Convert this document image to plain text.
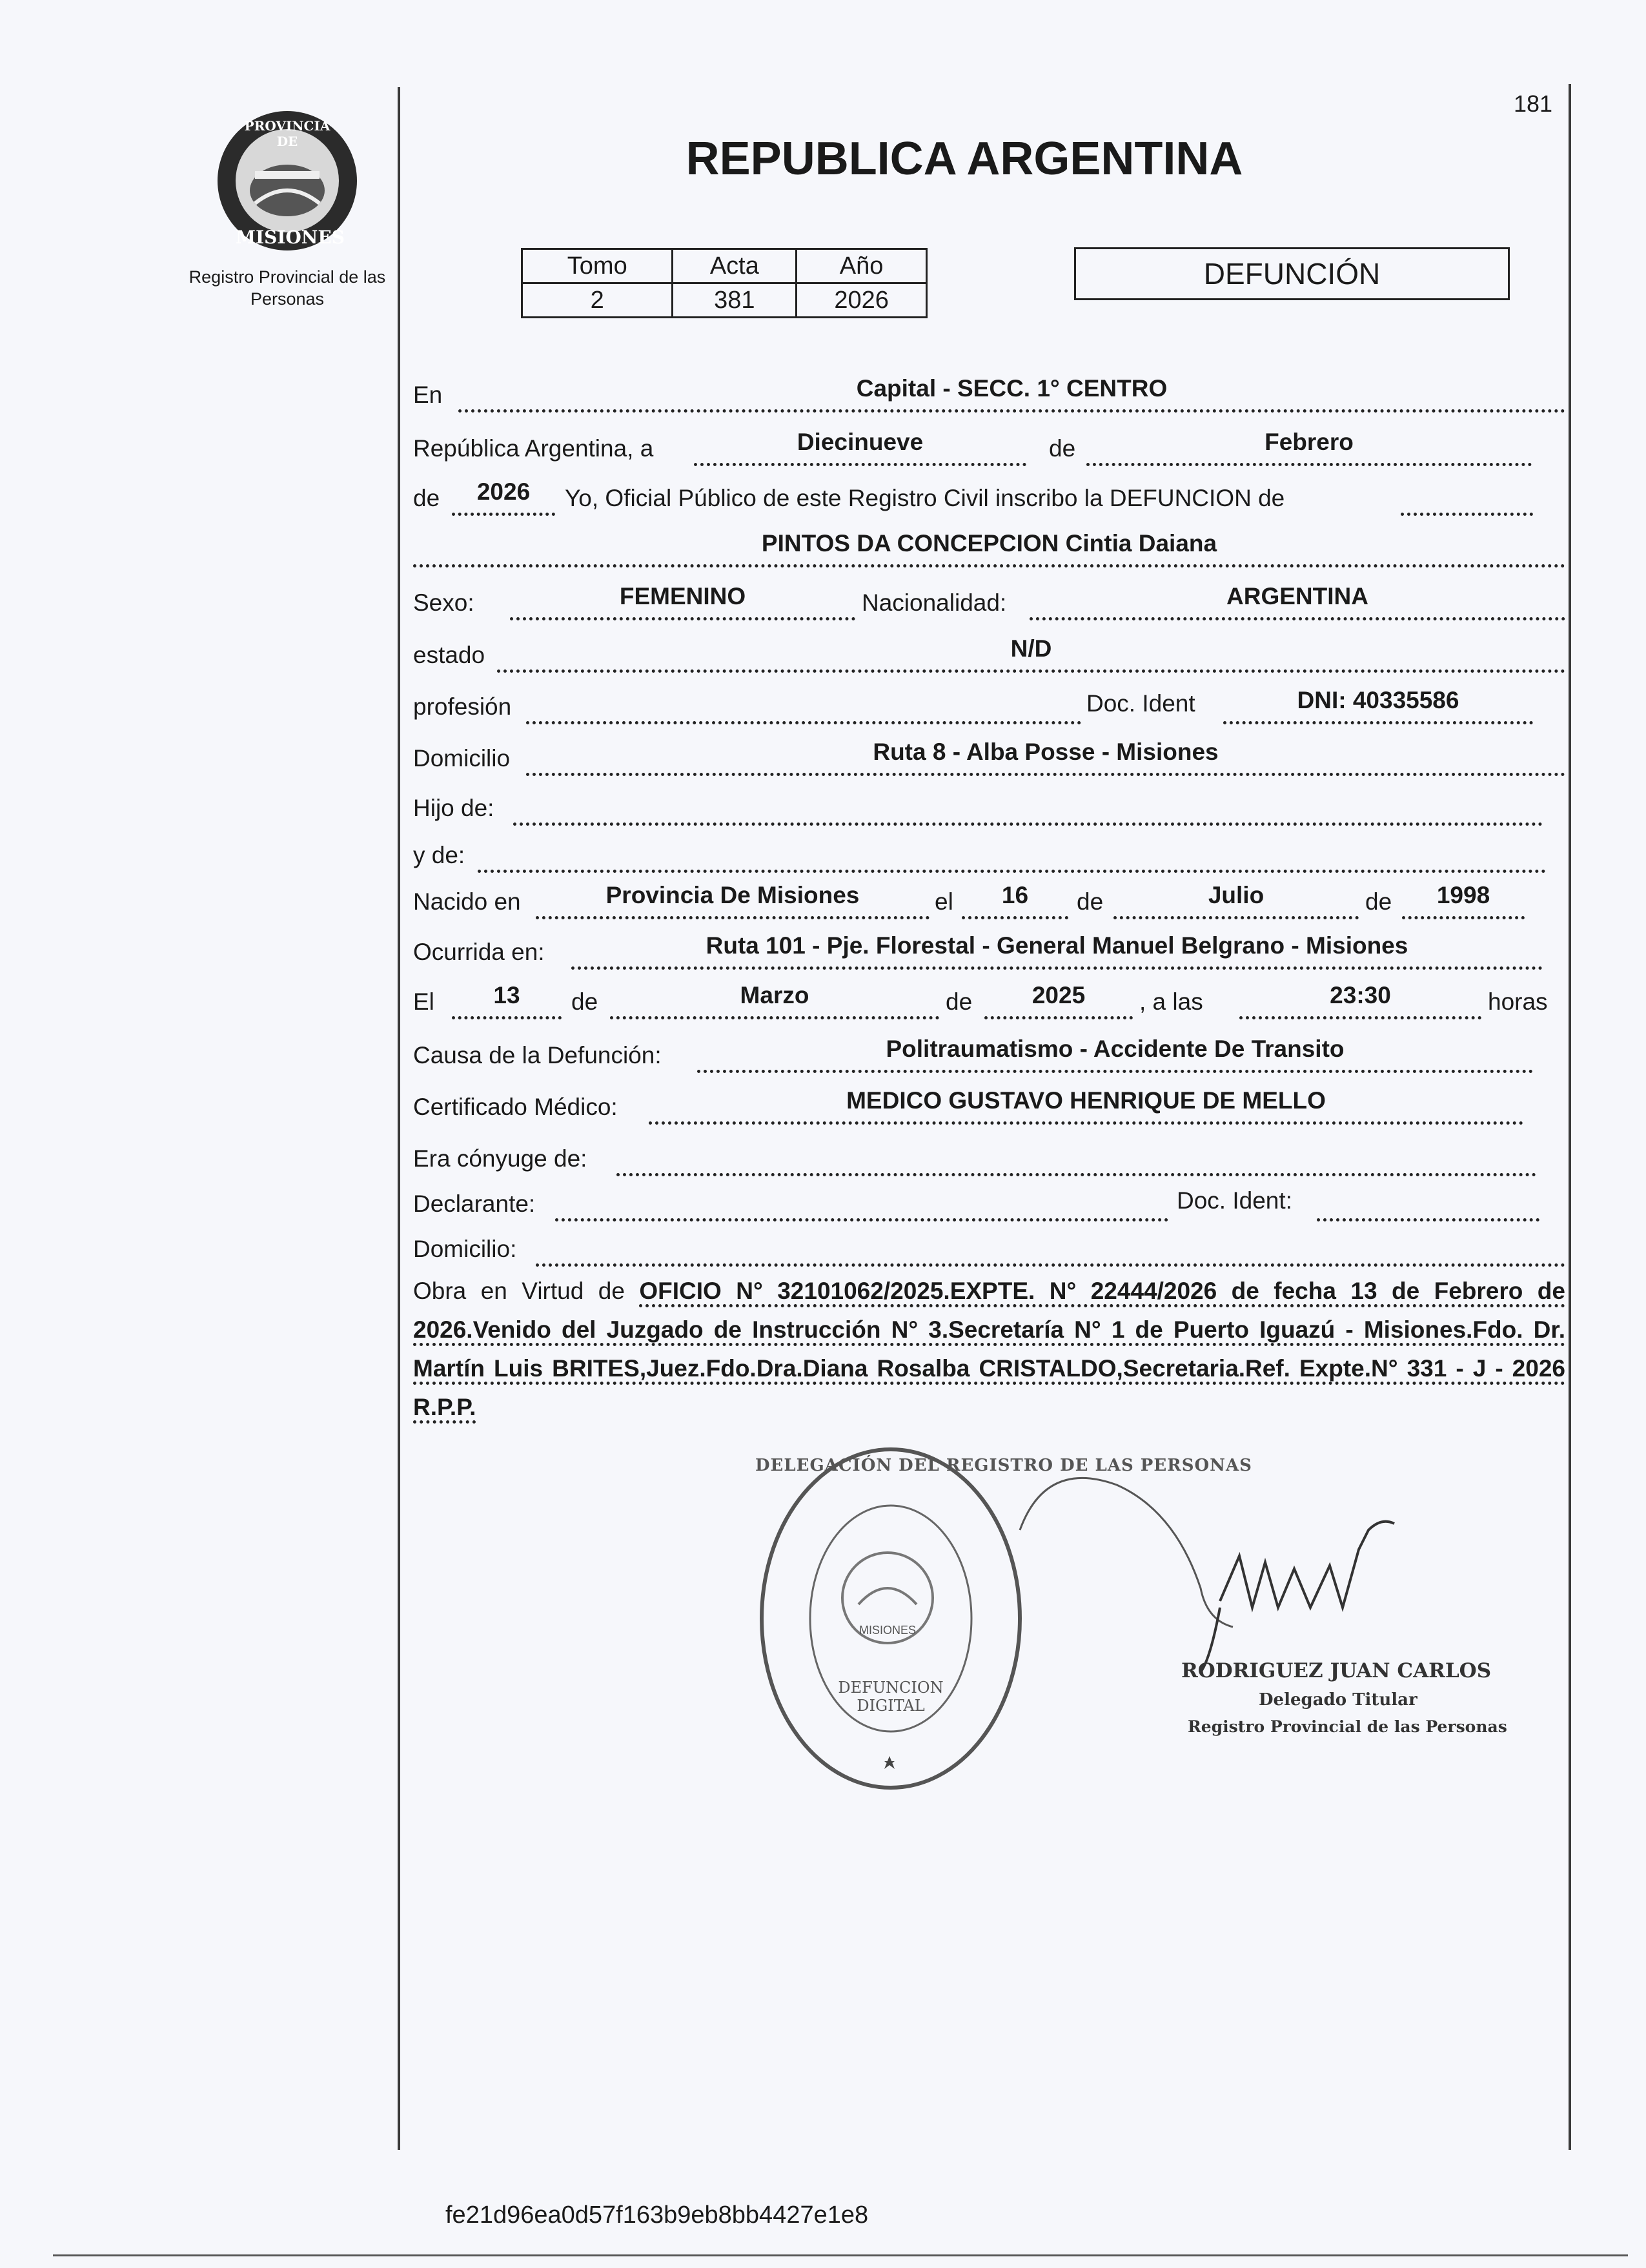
PROVINCIA DE
MISIONES
Registro Provincial de las Personas
181
REPUBLICA ARGENTINA
Tomo	Acta	Año
2	381	2026
DEFUNCIÓN
En	Capital - SECC. 1° CENTRO
República Argentina, a	Diecinueve	de	Febrero
de	2026	Yo, Oficial Público de este Registro Civil inscribo la DEFUNCION de
PINTOS DA CONCEPCION Cintia Daiana
Sexo:	FEMENINO	Nacionalidad:	ARGENTINA
estado	N/D
profesión	Doc. Ident	DNI: 40335586
Domicilio	Ruta 8 - Alba Posse - Misiones
Hijo de:
y de:
Nacido en	Provincia De Misiones	el	16	de	Julio	de	1998
Ocurrida en:	Ruta 101 - Pje. Florestal - General Manuel Belgrano - Misiones
El	13	de	Marzo	de	2025	, a las	23:30	horas
Causa de la Defunción:	Politraumatismo - Accidente De Transito
Certificado Médico:	MEDICO GUSTAVO HENRIQUE DE MELLO
Era cónyuge de:
Declarante:	Doc. Ident:
Domicilio:
Obra en Virtud de OFICIO N° 32101062/2025.EXPTE. N° 22444/2026 de fecha 13 de Febrero de 2026.Venido del Juzgado de Instrucción N° 3.Secretaría N° 1 de Puerto Iguazú - Misiones.Fdo. Dr. Martín Luis BRITES,Juez.Fdo.Dra.Diana Rosalba CRISTALDO,Secretaria.Ref. Expte.N° 331 - J - 2026 R.P.P.
DELEGACIÓN DEL REGISTRO DE LAS PERSONAS
MISIONES
DEFUNCION DIGITAL
RODRIGUEZ JUAN CARLOS
Delegado Titular
Registro Provincial de las Personas
fe21d96ea0d57f163b9eb8bb4427e1e8
